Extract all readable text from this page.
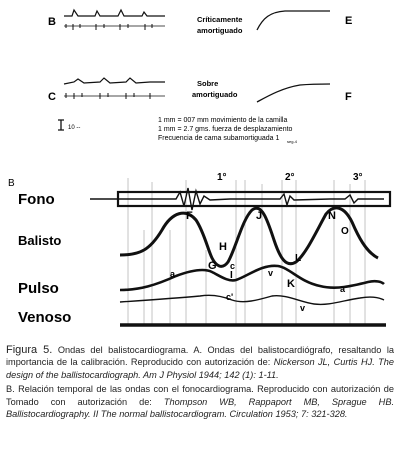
B	Críticamente
amortiguado
E
C
Sobre
amortiguado	F
10 --
1 mm = 007 mm movimiento de la camilla
1 mm = 2.7 gms. fuerza de desplazamiento
Frecuencia de cama subamortiguada 1 seg-4
B
Fono
Balisto
Pulso
Venoso
1°	2°	3°
F
G
H
I
J
K
L
N
O
a
c
v
a
c'
v

Figura 5. Ondas del balistocardiograma. A. Ondas del balistocardiógrafo, resaltando la importancia de la calibración. Reproducido con autorización de: Nickerson JL, Curtis HJ. The design of the ballistocardiograph. Am J Physiol 1944; 142 (1): 1-11.

B. Relación temporal de las ondas con el fonocardiograma. Reproducido con autorización de Tomado con autorización de: Thompson WB, Rappaport MB, Sprague HB. Ballistocardiography. II The normal ballistocardiogram. Circulation 1953; 7: 321-328.
